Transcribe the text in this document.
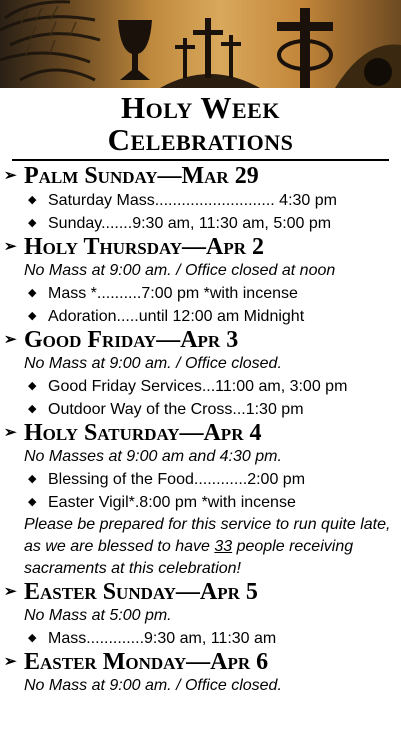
Holy Week
Celebrations
➢ Palm Sunday—Mar 29
◆ Saturday Mass........................... 4:30 pm
◆ Sunday.......9:30 am, 11:30 am, 5:00 pm
➢ Holy Thursday—Apr 2
No Mass at 9:00 am. / Office closed at noon
◆ Mass *..........7:00 pm *with incense
◆ Adoration.....until 12:00 am Midnight
➢ Good Friday—Apr 3
No Mass at 9:00 am. / Office closed.
◆ Good Friday Services...11:00 am, 3:00 pm
◆ Outdoor Way of the Cross...1:30 pm
➢ Holy Saturday—Apr 4
No Masses at 9:00 am and 4:30 pm.
◆ Blessing of the Food............2:00 pm
◆ Easter Vigil*.8:00 pm *with incense
Please be prepared for this service to run quite late, as we are blessed to have 33 people receiving sacraments at this celebration!
➢ Easter Sunday—Apr 5
No Mass at 5:00 pm.
◆ Mass.............9:30 am, 11:30 am
➢ Easter Monday—Apr 6
No Mass at 9:00 am. / Office closed.
